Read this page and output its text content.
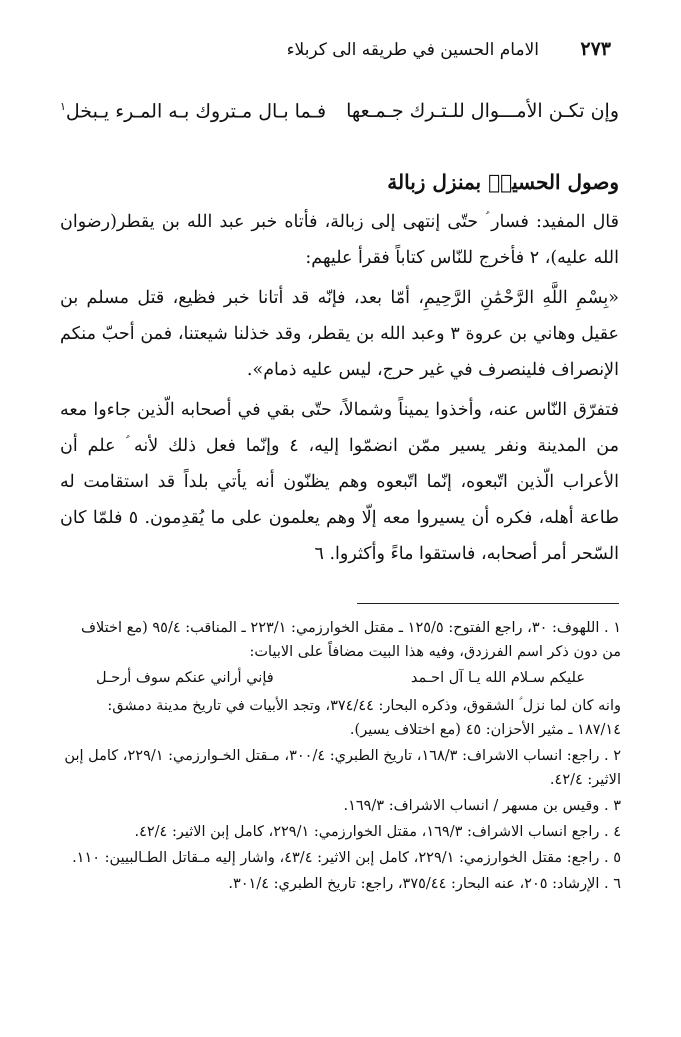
٢٧٣
الامام الحسين في طريقه الى كربلاء
وإن تكـن الأمـــوال للـتـرك جـمـعها
فـما بـال مـتروك بـه المـرء يـبخل$^١$
وصول الحسينؑ بمنزل زبالة

قال المفيد: فسار ؑ حتّى إنتهى إلى زبالة، فأتاه خبر عبد الله بن يقطر(رضوان الله عليه)، ٢ فأخرج للنّاس كتاباً فقرأ عليهم:

«بِسْمِ اللَّهِ الرَّحْمَٰنِ الرَّحِيمِ، أمّا بعد، فإنّه قد أتانا خبر فظيع، قتل مسلم بن عقيل وهاني بن عروة ٣ وعبد الله بن يقطر، وقد خذلنا شيعتنا، فمن أحبّ منكم الإنصراف فلينصرف في غير حرج، ليس عليه ذمام».

فتفرّق النّاس عنه، وأخذوا يميناً وشمالاً، حتّى بقي في أصحابه الّذين جاءوا معه من المدينة ونفر يسير ممّن انضمّوا إليه، ٤ وإنّما فعل ذلك لأنه ؑ علم أن الأعراب الّذين اتّبعوه، إنّما اتّبعوه وهم يظنّون أنه يأتي بلداً قد استقامت له طاعة أهله، فكره أن يسيروا معه إلّا وهم يعلمون على ما يُقدِمون. ٥ فلمّا كان السّحر أمر أصحابه، فاستقوا ماءً وأكثروا. ٦

١ . اللهوف: ٣٠، راجع الفتوح: ١٢٥/٥ ـ مقتل الخوارزمي: ٢٢٣/١ ـ المناقب: ٩٥/٤ (مع اختلاف من دون ذكر اسم الفرزدق، وفيه هذا البيت مضافاً على الابيات:
عليكم سـلام الله يـا آل احـمد
فإني أراني عنكم سوف أرحـل
وانه كان لما نزل ؑ الشقوق، وذكره البحار: ٣٧٤/٤٤، وتجد الأبيات في تاريخ مدينة دمشق: ١٨٧/١٤ ـ مثير الأحزان: ٤٥ (مع اختلاف يسير).
٢ . راجع: انساب الاشراف: ١٦٨/٣، تاريخ الطبري: ٣٠٠/٤، مـقتل الخـوارزمي: ٢٢٩/١، كامل إبن الاثير: ٤٢/٤.
٣ . وقيس بن مسهر / انساب الاشراف: ١٦٩/٣.
٤ . راجع انساب الاشراف: ١٦٩/٣، مقتل الخوارزمي: ٢٢٩/١، كامل إبن الاثير: ٤٢/٤.
٥ . راجع: مقتل الخوارزمي: ٢٢٩/١، كامل إبن الاثير: ٤٣/٤، واشار إليه مـقاتل الطـالبيين: ١١٠.
٦ . الإرشاد: ٢٠٥، عنه البحار: ٣٧٥/٤٤، راجع: تاريخ الطبري: ٣٠١/٤.
